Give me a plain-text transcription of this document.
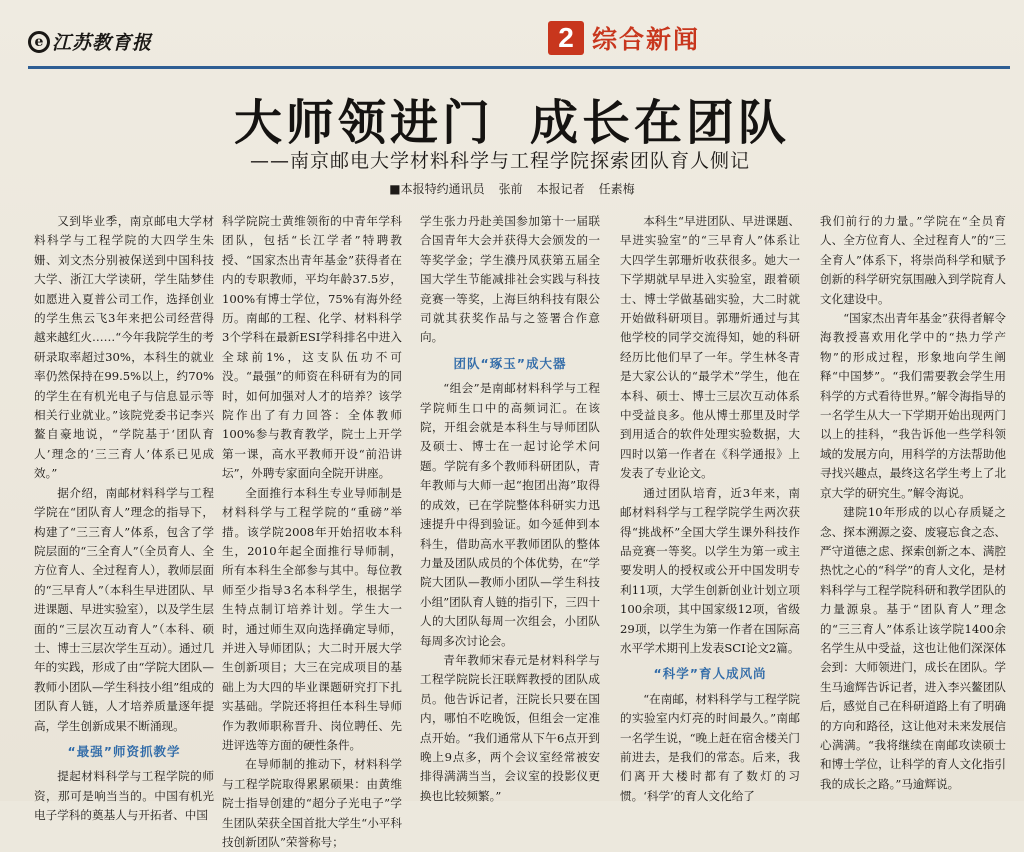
e 江苏教育报	2 综合新闻
大师领进门 成长在团队
——南京邮电大学材料科学与工程学院探索团队育人侧记
■本报特约通讯员 张前 本报记者 任素梅

又到毕业季，南京邮电大学材料科学与工程学院的大四学生朱姗、刘文杰分别被保送到中国科技大学、浙江大学读研，学生陆梦佳如愿进入夏普公司工作，选择创业的学生焦云飞3年来把公司经营得越来越红火……“今年我院学生的考研录取率超过30%，本科生的就业率仍然保持在99.5%以上，约70%的学生在有机光电子与信息显示等相关行业就业。”该院党委书记李兴鳌自豪地说，“学院基于‘团队育人’理念的‘三三育人’体系已见成效。”

据介绍，南邮材料科学与工程学院在“团队育人”理念的指导下，构建了“三三育人”体系，包含了学院层面的“三全育人”（全员育人、全方位育人、全过程育人），教师层面的“三早育人”（本科生早进团队、早进课题、早进实验室），以及学生层面的“三层次互动育人”（本科、硕士、博士三层次学生互动）。通过几年的实践，形成了由“学院大团队—教师小团队—学生科技小组”组成的团队育人链，人才培养质量逐年提高，学生创新成果不断涌现。

“最强”师资抓教学

提起材料科学与工程学院的师资，那可是响当当的。中国有机光电子学科的奠基人与开拓者、中国

科学院院士黄维领衔的中青年学科团队，包括“长江学者”特聘教授、“国家杰出青年基金”获得者在内的专职教师，平均年龄37.5岁，100%有博士学位，75%有海外经历。南邮的工程、化学、材料科学3个学科在最新ESI学科排名中进入全球前1%，这支队伍功不可没。“最强”的师资在科研有为的同时，如何加强对人才的培养？该学院作出了有力回答：全体教师100%参与教育教学，院士上开学第一课，高水平教师开设“前沿讲坛”，外聘专家面向全院开讲座。

全面推行本科生专业导师制是材料科学与工程学院的“重磅”举措。该学院2008年开始招收本科生，2010年起全面推行导师制，所有本科生全部参与其中。每位教师至少指导3名本科学生，根据学生特点制订培养计划。学生大一时，通过师生双向选择确定导师，并进入导师团队；大二时开展大学生创新项目；大三在完成项目的基础上为大四的毕业课题研究打下扎实基础。学院还将担任本科生导师作为教师职称晋升、岗位聘任、先进评选等方面的硬性条件。

在导师制的推动下，材料科学与工程学院取得累累硕果：由黄维院士指导创建的“超分子光电子”学生团队荣获全国首批大学生“小平科技创新团队”荣誉称号；

学生张力丹赴美国参加第十一届联合国青年大会并获得大会颁发的一等奖学金；学生濮丹凤获第五届全国大学生节能减排社会实践与科技竞赛一等奖，上海巨纳科技有限公司就其获奖作品与之签署合作意向。

团队“琢玉”成大器

“组会”是南邮材料科学与工程学院师生口中的高频词汇。在该院，开组会就是本科生与导师团队及硕士、博士在一起讨论学术问题。学院有多个教师科研团队，青年教师与大师一起“抱团出海”取得的成效，已在学院整体科研实力迅速提升中得到验证。如今延伸到本科生，借助高水平教师团队的整体力量及团队成员的个体优势，在“学院大团队—教师小团队—学生科技小组”团队育人链的指引下，三四十人的大团队每周一次组会，小团队每周多次讨论会。

青年教师宋春元是材料科学与工程学院院长汪联辉教授的团队成员。他告诉记者，汪院长只要在国内，哪怕不吃晚饭，但组会一定准点开始。“我们通常从下午6点开到晚上9点多，两个会议室经常被安排得满满当当，会议室的投影仪更换也比较频繁。”

本科生“早进团队、早进课题、早进实验室”的“三早育人”体系让大四学生郭珊炘收获很多。她大一下学期就早早进入实验室，跟着硕士、博士学做基础实验，大二时就开始做科研项目。郭珊炘通过与其他学校的同学交流得知，她的科研经历比他们早了一年。学生林冬青是大家公认的“最学术”学生，他在本科、硕士、博士三层次互动体系中受益良多。他从博士那里及时学到用适合的软件处理实验数据，大四时以第一作者在《科学通报》上发表了专业论文。

通过团队培育，近3年来，南邮材料科学与工程学院学生两次获得“挑战杯”全国大学生课外科技作品竞赛一等奖。以学生为第一或主要发明人的授权或公开中国发明专利11项，大学生创新创业计划立项100余项，其中国家级12项，省级29项，以学生为第一作者在国际高水平学术期刊上发表SCI论文2篇。

“科学”育人成风尚

“在南邮，材料科学与工程学院的实验室内灯亮的时间最久。”南邮一名学生说，“晚上赶在宿舍楼关门前进去，是我们的常态。后来，我们离开大楼时都有了数灯的习惯。‘科学’的育人文化给了

我们前行的力量。”学院在“全员育人、全方位育人、全过程育人”的“三全育人”体系下，将崇尚科学和赋予创新的科学研究氛围融入到学院育人文化建设中。

“国家杰出青年基金”获得者解令海教授喜欢用化学中的“热力学产物”的形成过程，形象地向学生阐释“中国梦”。“我们需要教会学生用科学的方式看待世界。”解令海指导的一名学生从大一下学期开始出现两门以上的挂科，“我告诉他一些学科领域的发展方向，用科学的方法帮助他寻找兴趣点，最终这名学生考上了北京大学的研究生。”解令海说。

建院10年形成的以心存质疑之念、探本溯源之姿、废寝忘食之态、严守道德之虑、探索创新之本、满腔热忱之心的“科学”的育人文化，是材料科学与工程学院科研和教学团队的力量源泉。基于“团队育人”理念的“三三育人”体系让该学院1400余名学生从中受益，这也让他们深深体会到：大师领进门，成长在团队。学生马逾辉告诉记者，进入李兴鳌团队后，感觉自己在科研道路上有了明确的方向和路径，这让他对未来发展信心满满。“我将继续在南邮攻读硕士和博士学位，让科学的育人文化指引我的成长之路。”马逾辉说。
